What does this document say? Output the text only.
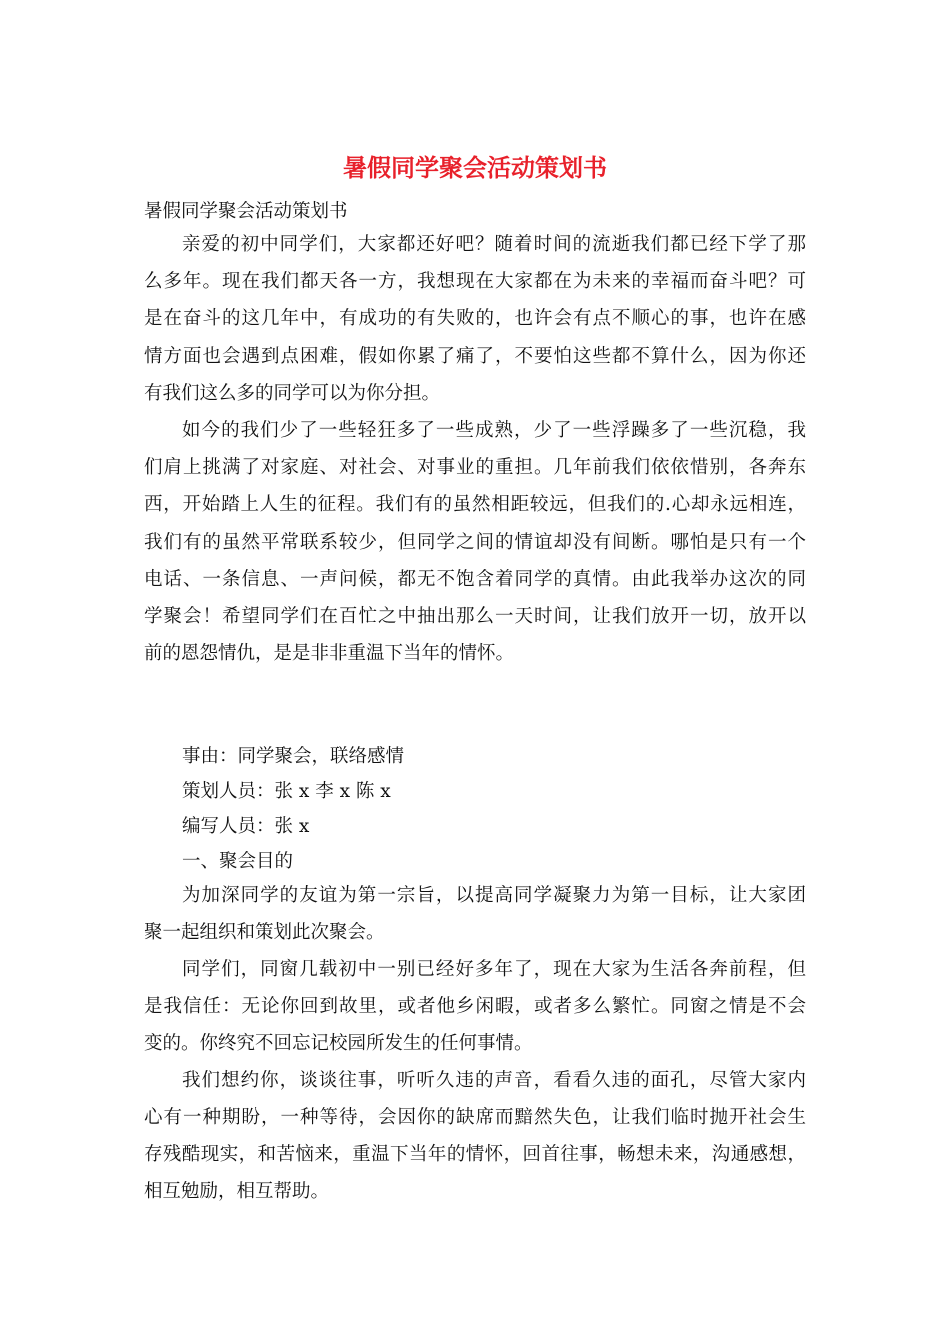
暑假同学聚会活动策划书
暑假同学聚会活动策划书
亲爱的初中同学们，大家都还好吧？随着时间的流逝我们都已经下学了那
么多年。现在我们都天各一方，我想现在大家都在为未来的幸福而奋斗吧？可
是在奋斗的这几年中，有成功的有失败的，也许会有点不顺心的事，也许在感
情方面也会遇到点困难，假如你累了痛了，不要怕这些都不算什么，因为你还
有我们这么多的同学可以为你分担。
如今的我们少了一些轻狂多了一些成熟，少了一些浮躁多了一些沉稳，我
们肩上挑满了对家庭、对社会、对事业的重担。几年前我们依依惜别，各奔东
西，开始踏上人生的征程。我们有的虽然相距较远，但我们的.心却永远相连，
我们有的虽然平常联系较少，但同学之间的情谊却没有间断。哪怕是只有一个
电话、一条信息、一声问候，都无不饱含着同学的真情。由此我举办这次的同
学聚会！希望同学们在百忙之中抽出那么一天时间，让我们放开一切，放开以
前的恩怨情仇，是是非非重温下当年的情怀。
事由：同学聚会，联络感情
策划人员：张 x 李 x 陈 x
编写人员：张 x
一、聚会目的
为加深同学的友谊为第一宗旨，以提高同学凝聚力为第一目标，让大家团
聚一起组织和策划此次聚会。
同学们，同窗几载初中一别已经好多年了，现在大家为生活各奔前程，但
是我信任：无论你回到故里，或者他乡闲暇，或者多么繁忙。同窗之情是不会
变的。你终究不回忘记校园所发生的任何事情。
我们想约你，谈谈往事，听听久违的声音，看看久违的面孔，尽管大家内
心有一种期盼，一种等待，会因你的缺席而黯然失色，让我们临时抛开社会生
存残酷现实，和苦恼来，重温下当年的情怀，回首往事，畅想未来，沟通感想，
相互勉励，相互帮助。
